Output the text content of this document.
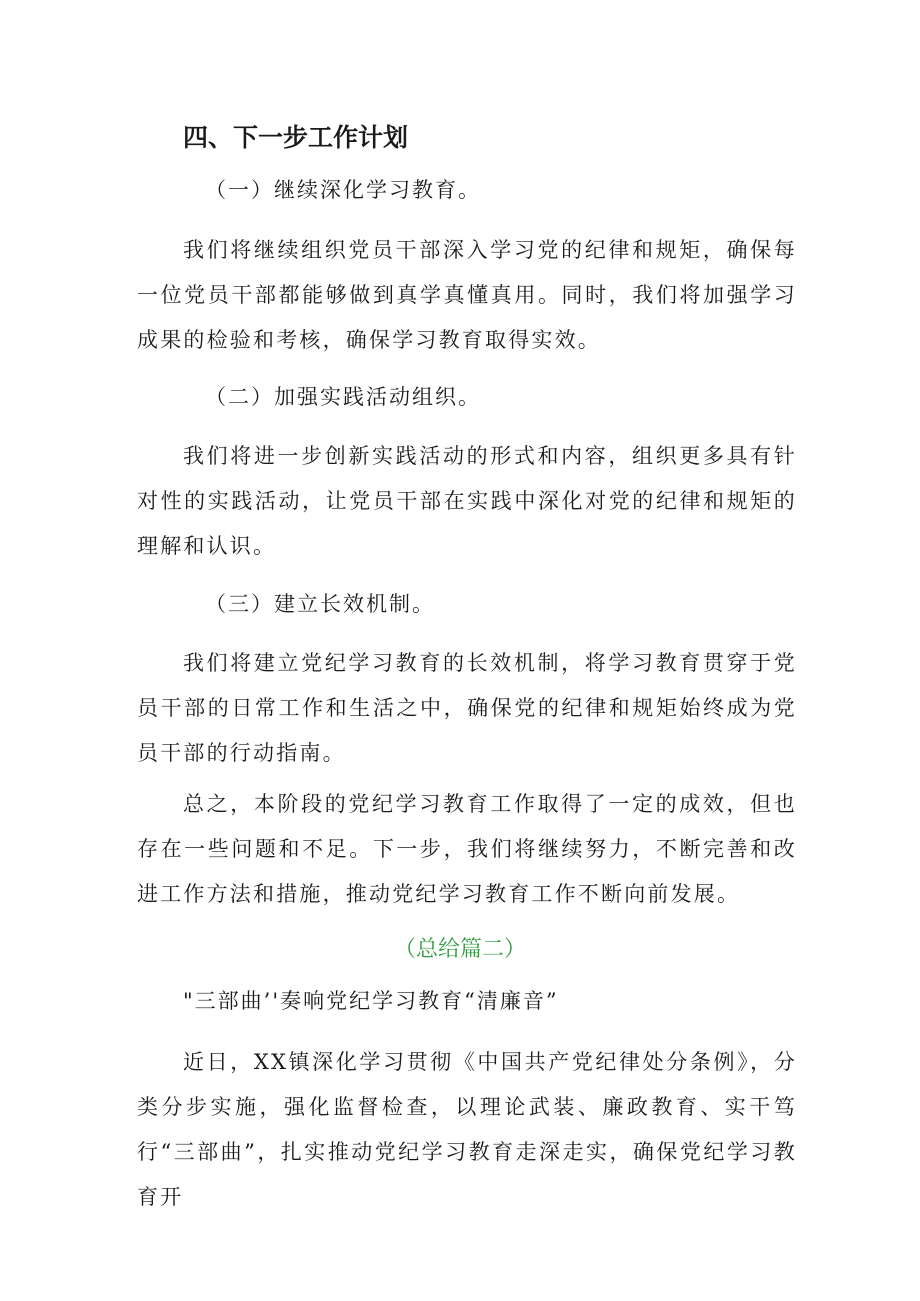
四、下一步工作计划
（一）继续深化学习教育。
我们将继续组织党员干部深入学习党的纪律和规矩，确保每一位党员干部都能够做到真学真懂真用。同时，我们将加强学习成果的检验和考核，确保学习教育取得实效。
（二）加强实践活动组织。
我们将进一步创新实践活动的形式和内容，组织更多具有针对性的实践活动，让党员干部在实践中深化对党的纪律和规矩的理解和认识。
（三）建立长效机制。
我们将建立党纪学习教育的长效机制，将学习教育贯穿于党员干部的日常工作和生活之中，确保党的纪律和规矩始终成为党员干部的行动指南。
总之，本阶段的党纪学习教育工作取得了一定的成效，但也存在一些问题和不足。下一步，我们将继续努力，不断完善和改进工作方法和措施，推动党纪学习教育工作不断向前发展。
（总给篇二）
"三部曲’'奏响党纪学习教育“清廉音”
近日，XX镇深化学习贯彻《中国共产党纪律处分条例》，分类分步实施，强化监督检查，以理论武装、廉政教育、实干笃行“三部曲”，扎实推动党纪学习教育走深走实，确保党纪学习教育开
